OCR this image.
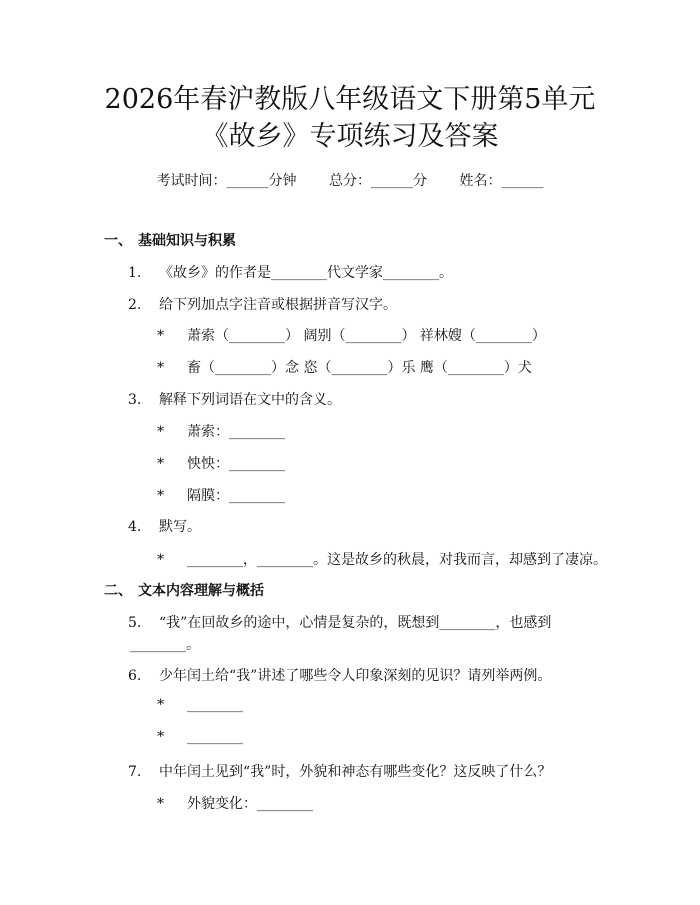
2026年春沪教版八年级语文下册第5单元
《故乡》专项练习及答案
考试时间：______分钟 总分：______分 姓名：______
一、 基础知识与积累
1. 《故乡》的作者是________代文学家________。
2. 给下列加点字注音或根据拼音写汉字。
* 萧索（________） 阔别（________） 祥林嫂（________）
* 畜（________）念 恣（________）乐 鹰（________）犬
3. 解释下列词语在文中的含义。
* 萧索：________
* 怏怏：________
* 隔膜：________
4. 默写。
* ________，________。这是故乡的秋晨，对我而言，却感到了凄凉。
二、 文本内容理解与概括
5. “我”在回故乡的途中，心情是复杂的，既想到________，也感到
________。
6. 少年闰土给“我”讲述了哪些令人印象深刻的见识？请列举两例。
* ________
* ________
7. 中年闰土见到“我”时，外貌和神态有哪些变化？这反映了什么？
* 外貌变化：________
